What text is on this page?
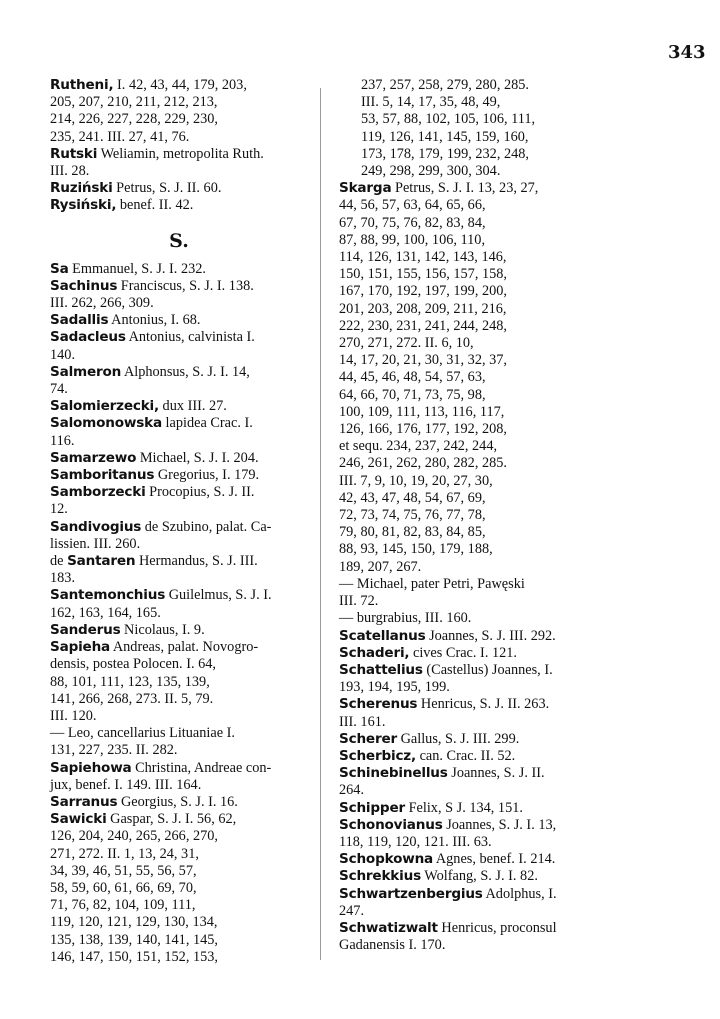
343
Rutheni, I. 42, 43, 44, 179, 203,
205, 207, 210, 211, 212, 213,
214, 226, 227, 228, 229, 230,
235, 241. III. 27, 41, 76.
Rutski Weliamin, metropolita Ruth.
III. 28.
Ruziński Petrus, S. J. II. 60.
Rysiński, benef. II. 42.
S.
Sa Emmanuel, S. J. I. 232.
Sachinus Franciscus, S. J. I. 138.
III. 262, 266, 309.
Sadallis Antonius, I. 68.
Sadacleus Antonius, calvinista I.
140.
Salmeron Alphonsus, S. J. I. 14,
74.
Salomierzecki, dux III. 27.
Salomonowska lapidea Crac. I.
116.
Samarzewo Michael, S. J. I. 204.
Samboritanus Gregorius, I. 179.
Samborzecki Procopius, S. J. II.
12.
Sandivogius de Szubino, palat. Ca-
lissien. III. 260.
de Santaren Hermandus, S. J. III.
183.
Santemonchius Guilelmus, S. J. I.
162, 163, 164, 165.
Sanderus Nicolaus, I. 9.
Sapieha Andreas, palat. Novogro-
densis, postea Polocen. I. 64,
88, 101, 111, 123, 135, 139,
141, 266, 268, 273. II. 5, 79.
III. 120.
— Leo, cancellarius Lituaniae I.
131, 227, 235. II. 282.
Sapiehowa Christina, Andreae con-
jux, benef. I. 149. III. 164.
Sarranus Georgius, S. J. I. 16.
Sawicki Gaspar, S. J. I. 56, 62,
126, 204, 240, 265, 266, 270,
271, 272. II. 1, 13, 24, 31,
34, 39, 46, 51, 55, 56, 57,
58, 59, 60, 61, 66, 69, 70,
71, 76, 82, 104, 109, 111,
119, 120, 121, 129, 130, 134,
135, 138, 139, 140, 141, 145,
146, 147, 150, 151, 152, 153,
237, 257, 258, 279, 280, 285.
III. 5, 14, 17, 35, 48, 49,
53, 57, 88, 102, 105, 106, 111,
119, 126, 141, 145, 159, 160,
173, 178, 179, 199, 232, 248,
249, 298, 299, 300, 304.
Skarga Petrus, S. J. I. 13, 23, 27,
44, 56, 57, 63, 64, 65, 66,
67, 70, 75, 76, 82, 83, 84,
87, 88, 99, 100, 106, 110,
114, 126, 131, 142, 143, 146,
150, 151, 155, 156, 157, 158,
167, 170, 192, 197, 199, 200,
201, 203, 208, 209, 211, 216,
222, 230, 231, 241, 244, 248,
270, 271, 272. II. 6, 10,
14, 17, 20, 21, 30, 31, 32, 37,
44, 45, 46, 48, 54, 57, 63,
64, 66, 70, 71, 73, 75, 98,
100, 109, 111, 113, 116, 117,
126, 166, 176, 177, 192, 208,
et sequ. 234, 237, 242, 244,
246, 261, 262, 280, 282, 285.
III. 7, 9, 10, 19, 20, 27, 30,
42, 43, 47, 48, 54, 67, 69,
72, 73, 74, 75, 76, 77, 78,
79, 80, 81, 82, 83, 84, 85,
88, 93, 145, 150, 179, 188,
189, 207, 267.
— Michael, pater Petri, Pawęski
III. 72.
— burgrabius, III. 160.
Scatellanus Joannes, S. J. III. 292.
Schaderi, cives Crac. I. 121.
Schattelius (Castellus) Joannes, I.
193, 194, 195, 199.
Scherenus Henricus, S. J. II. 263.
III. 161.
Scherer Gallus, S. J. III. 299.
Scherbicz, can. Crac. II. 52.
Schinebinellus Joannes, S. J. II.
264.
Schipper Felix, S J. 134, 151.
Schonovianus Joannes, S. J. I. 13,
118, 119, 120, 121. III. 63.
Schopkowna Agnes, benef. I. 214.
Schrekkius Wolfang, S. J. I. 82.
Schwartzenbergius Adolphus, I.
247.
Schwatizwalt Henricus, proconsul
Gadanensis I. 170.
